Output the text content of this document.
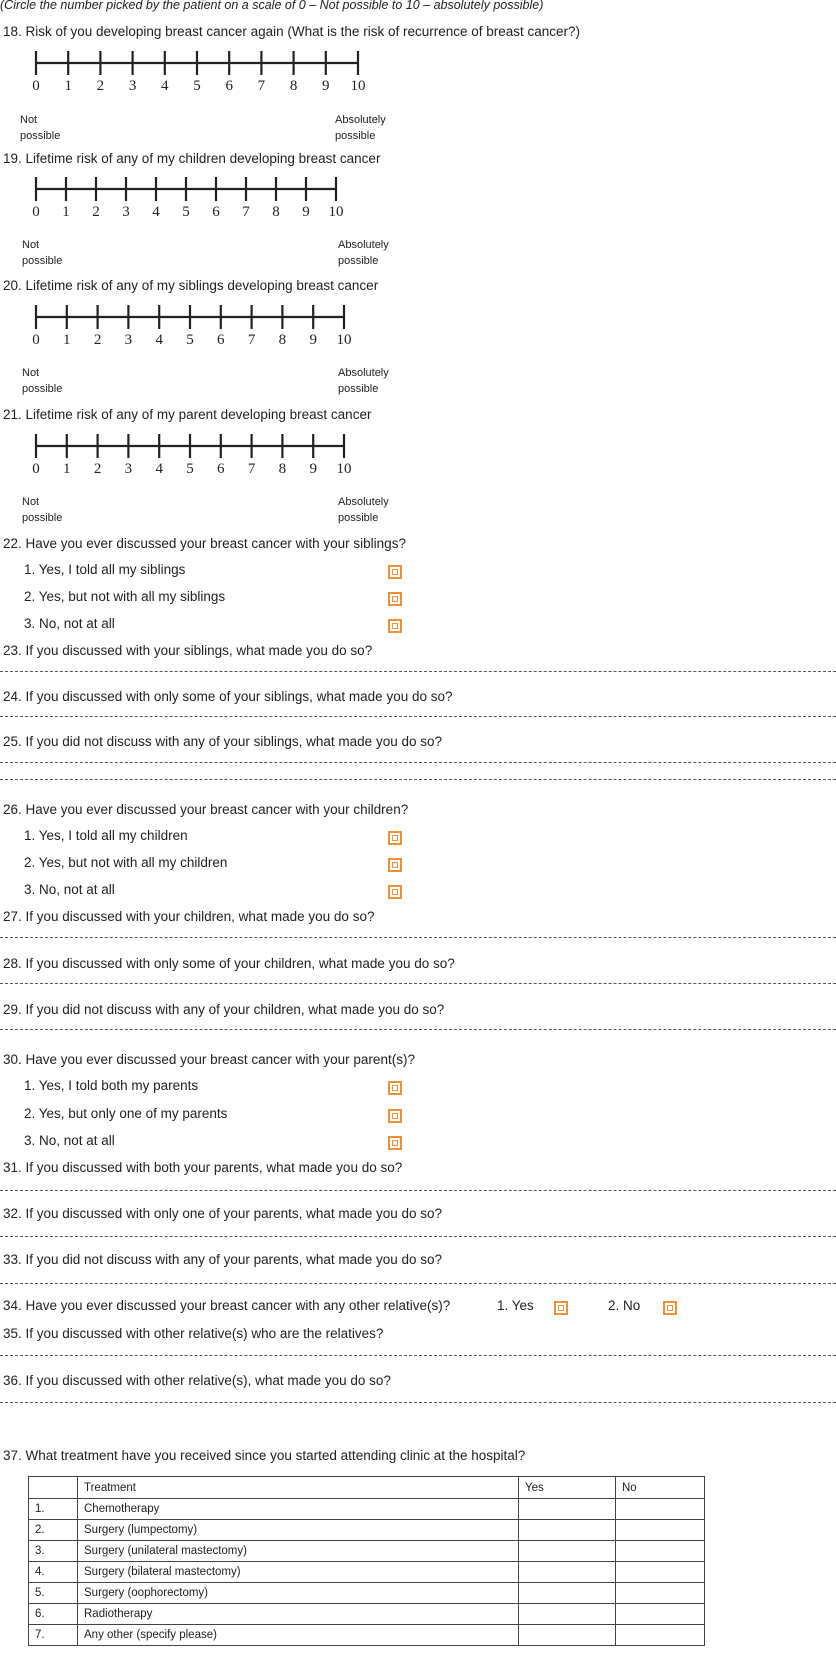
(Circle the number picked by the patient on a scale of 0 – Not possible to 10 – absolutely possible)
18. Risk of you developing breast cancer again (What is the risk of recurrence of breast cancer?)
0 1 2 3 4 5 6 7 8 9 10
Not
possible
Absolutely
possible
19. Lifetime risk of any of my children developing breast cancer
0 1 2 3 4 5 6 7 8 9 10
Not
possible
Absolutely
possible
20. Lifetime risk of any of my siblings developing breast cancer
0 1 2 3 4 5 6 7 8 9 10
Not
possible
Absolutely
possible
21. Lifetime risk of any of my parent developing breast cancer
0 1 2 3 4 5 6 7 8 9 10
Not
possible
Absolutely
possible
22. Have you ever discussed your breast cancer with your siblings?
1. Yes, I told all my siblings
2. Yes, but not with all my siblings
3. No, not at all
23. If you discussed with your siblings, what made you do so?
24. If you discussed with only some of your siblings, what made you do so?
25. If you did not discuss with any of your siblings, what made you do so?
26. Have you ever discussed your breast cancer with your children?
1. Yes, I told all my children
2. Yes, but not with all my children
3. No, not at all
27. If you discussed with your children, what made you do so?
28. If you discussed with only some of your children, what made you do so?
29. If you did not discuss with any of your children, what made you do so?
30. Have you ever discussed your breast cancer with your parent(s)?
1. Yes, I told both my parents
2. Yes, but only one of my parents
3. No, not at all
31. If you discussed with both your parents, what made you do so?
32. If you discussed with only one of your parents, what made you do so?
33. If you did not discuss with any of your parents, what made you do so?
34. Have you ever discussed your breast cancer with any other relative(s)?	1. Yes	2. No
35. If you discussed with other relative(s) who are the relatives?
36. If you discussed with other relative(s), what made you do so?
37. What treatment have you received since you started attending clinic at the hospital?
	Treatment	Yes	No
1.	Chemotherapy		
2.	Surgery (lumpectomy)		
3.	Surgery (unilateral mastectomy)		
4.	Surgery (bilateral mastectomy)		
5.	Surgery (oophorectomy)		
6.	Radiotherapy		
7.	Any other (specify please)		
